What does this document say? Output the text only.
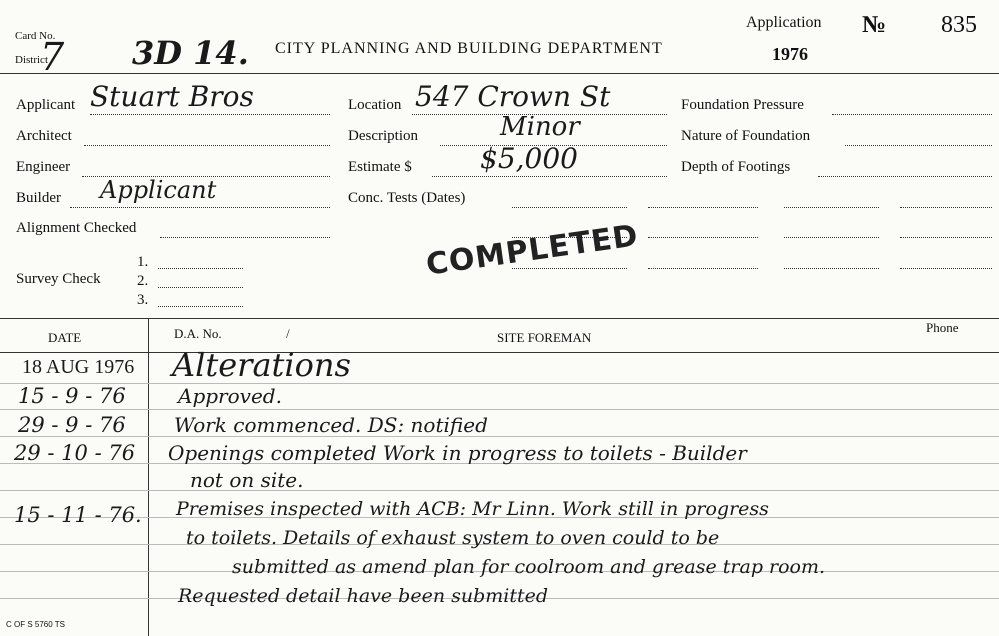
Card No.
District
7 3D 14. CITY PLANNING AND BUILDING DEPARTMENT
Application
1976
№ 835
Applicant Stuart Bros
Architect
Engineer
Builder Applicant
Alignment Checked
Survey Check
1.
2.
3.
Location 547 Crown St
Description	Minor
Estimate $ $5,000
Conc. Tests (Dates)
Foundation Pressure
Nature of Foundation
Depth of Footings
COMPLETED
DATE	D.A. No.	/	SITE FOREMAN
Phone
18 AUG 1976 Alterations
15 - 9 - 76	Approved.
29 - 9 - 76 Work commenced. DS: notified
29 - 10 - 76 Openings completed Work in progress to toilets - Builder
not on site.
15 - 11 - 76. Premises inspected with ACB: Mr Linn. Work still in progress
to toilets. Details of exhaust system to oven could to be
submitted as amend plan for coolroom and grease trap room.
Requested detail have been submitted
C OF S 5760 TS
